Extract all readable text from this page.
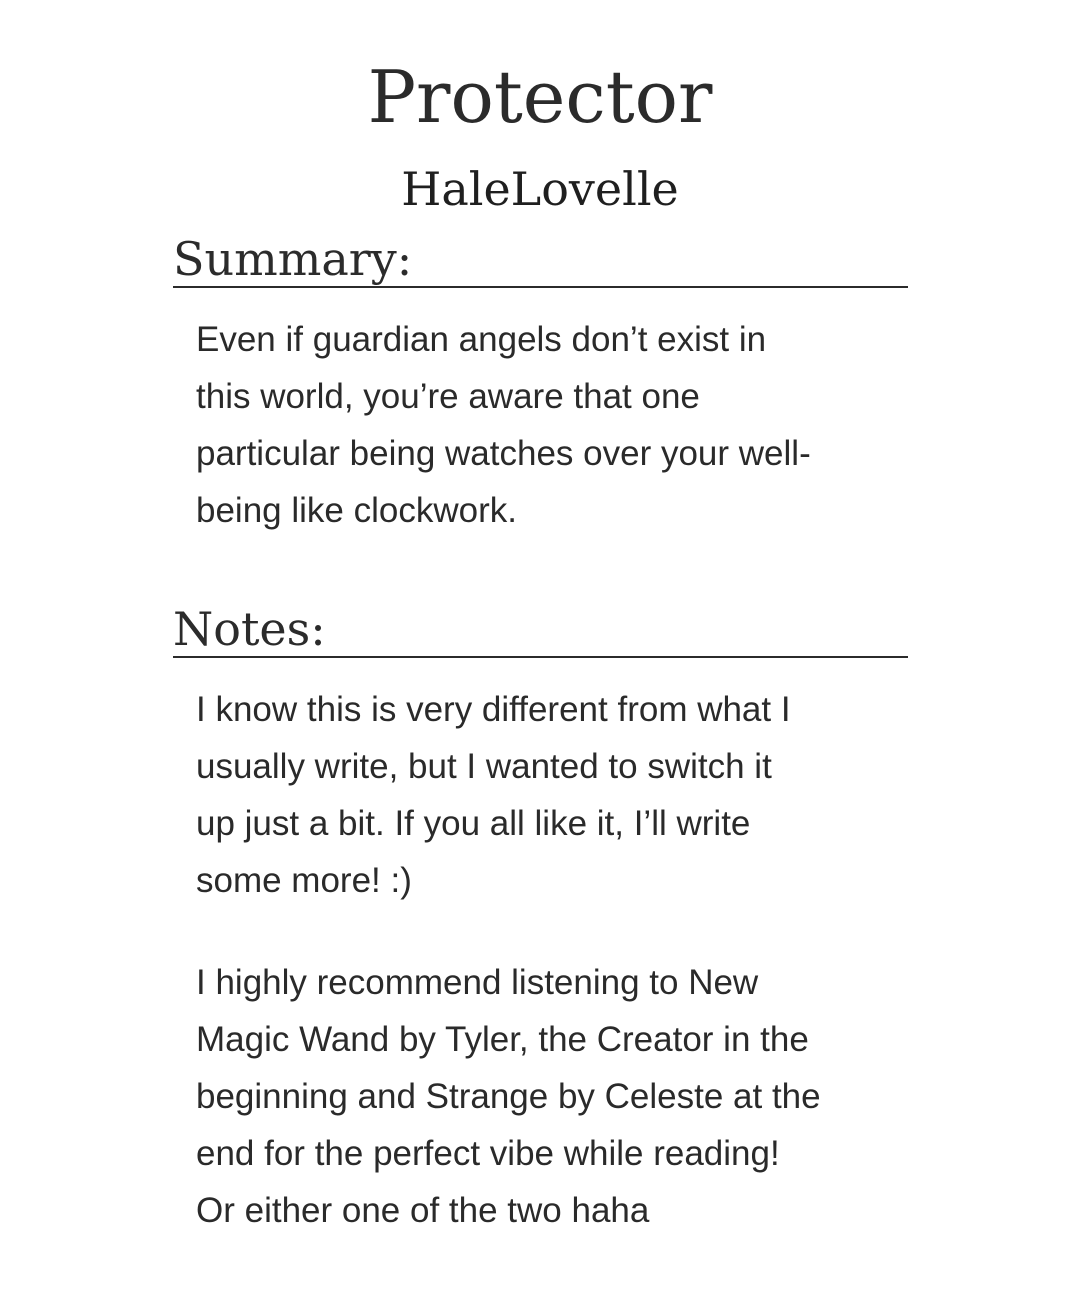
Protector
HaleLovelle
Summary:
Even if guardian angels don’t exist in
this world, you’re aware that one
particular being watches over your well-
being like clockwork.
Notes:
I know this is very different from what I
usually write, but I wanted to switch it
up just a bit. If you all like it, I’ll write
some more! :)
I highly recommend listening to New
Magic Wand by Tyler, the Creator in the
beginning and Strange by Celeste at the
end for the perfect vibe while reading!
Or either one of the two haha
